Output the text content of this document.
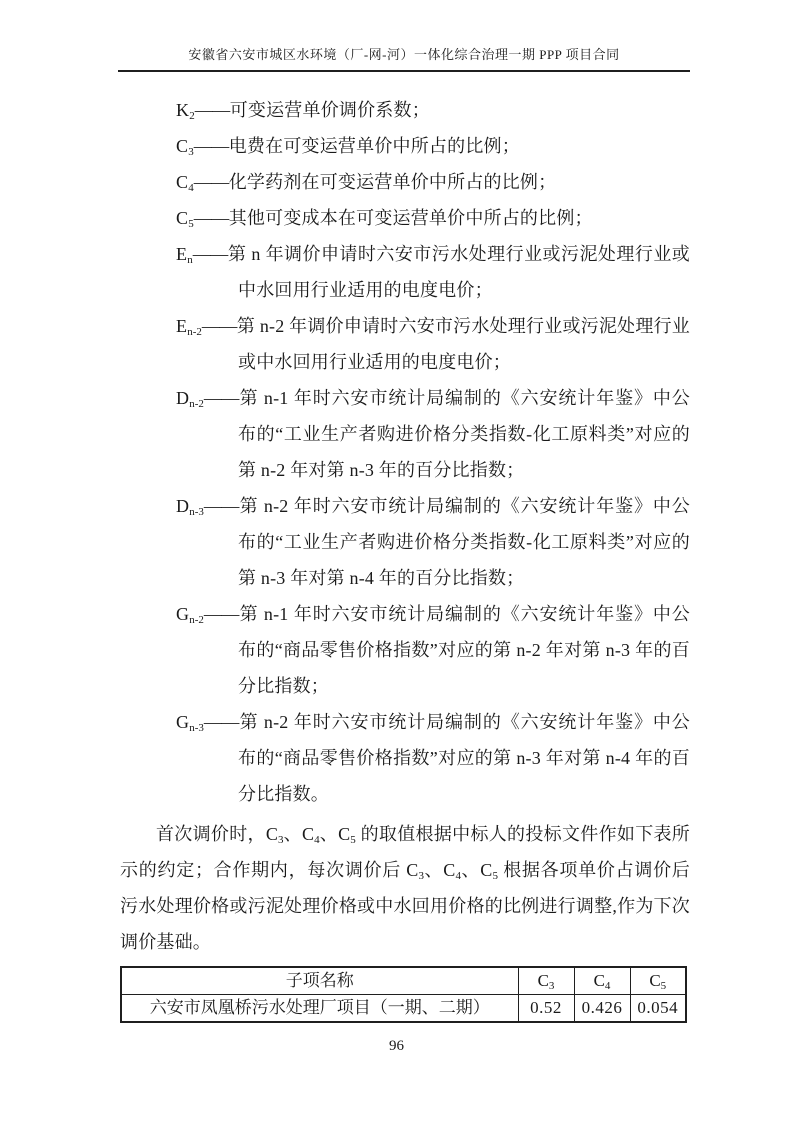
安徽省六安市城区水环境（厂-网-河）一体化综合治理一期 PPP 项目合同

$K_2——$可变运营单价调价系数；

$C_3——$电费在可变运营单价中所占的比例；

$C_4——$化学药剂在可变运营单价中所占的比例；

$C_5——$其他可变成本在可变运营单价中所占的比例；

$E_n——$第 n 年调价申请时六安市污水处理行业或污泥处理行业或中水回用行业适用的电度电价；

$E_{n-2}——$第 n-2 年调价申请时六安市污水处理行业或污泥处理行业或中水回用行业适用的电度电价；

$D_{n-2}——$第 n-1 年时六安市统计局编制的《六安统计年鉴》中公布的“工业生产者购进价格分类指数-化工原料类”对应的第 n-2 年对第 n-3 年的百分比指数；

$D_{n-3}——$第 n-2 年时六安市统计局编制的《六安统计年鉴》中公布的“工业生产者购进价格分类指数-化工原料类”对应的第 n-3 年对第 n-4 年的百分比指数；

$G_{n-2}——$第 n-1 年时六安市统计局编制的《六安统计年鉴》中公布的“商品零售价格指数”对应的第 n-2 年对第 n-3 年的百分比指数；

$G_{n-3}——$第 n-2 年时六安市统计局编制的《六安统计年鉴》中公布的“商品零售价格指数”对应的第 n-3 年对第 n-4 年的百分比指数。

首次调价时，$C_3$、$C_4$、$C_5$ 的取值根据中标人的投标文件作如下表所示的约定；合作期内，每次调价后 $C_3$、$C_4$、$C_5$ 根据各项单价占调价后污水处理价格或污泥处理价格或中水回用价格的比例进行调整,作为下次调价基础。

子项名称	$C_3$	$C_4$	$C_5$
六安市凤凰桥污水处理厂项目（一期、二期）	0.52	0.426	0.054
96
